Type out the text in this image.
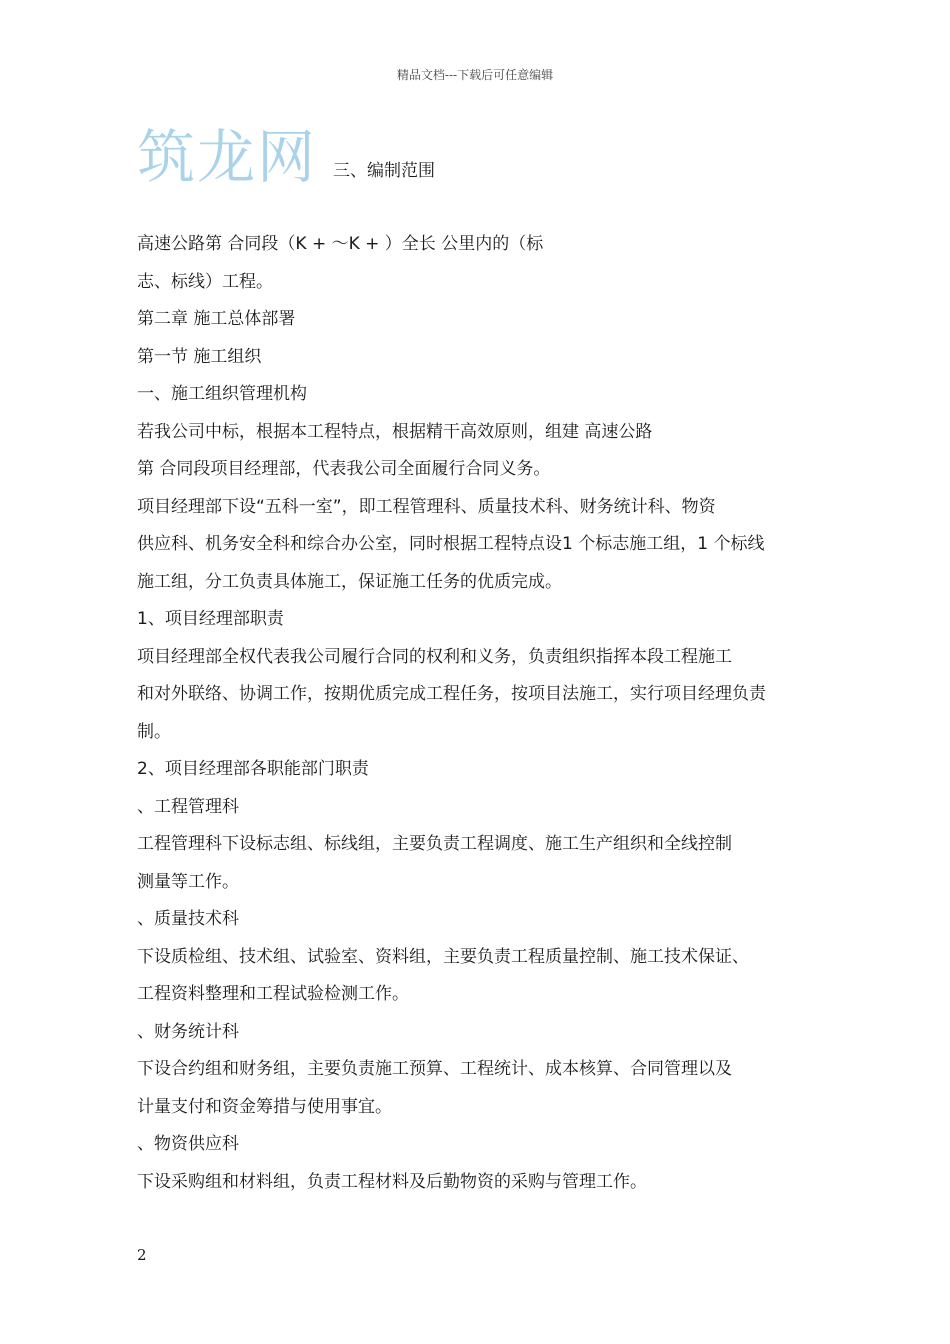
精品文档---下载后可任意编辑
筑龙网 三、编制范围
高速公路第 合同段（K + ～K + ）全长 公里内的（标
志、标线）工程。
第二章 施工总体部署
第一节 施工组织
一、施工组织管理机构
若我公司中标，根据本工程特点，根据精干高效原则，组建 高速公路
第 合同段项目经理部，代表我公司全面履行合同义务。
项目经理部下设“五科一室”，即工程管理科、质量技术科、财务统计科、物资
供应科、机务安全科和综合办公室，同时根据工程特点设1 个标志施工组，1 个标线
施工组，分工负责具体施工，保证施工任务的优质完成。
1、项目经理部职责
项目经理部全权代表我公司履行合同的权利和义务，负责组织指挥本段工程施工
和对外联络、协调工作，按期优质完成工程任务，按项目法施工，实行项目经理负责
制。
2、项目经理部各职能部门职责
、工程管理科
工程管理科下设标志组、标线组，主要负责工程调度、施工生产组织和全线控制
测量等工作。
、质量技术科
下设质检组、技术组、试验室、资料组，主要负责工程质量控制、施工技术保证、
工程资料整理和工程试验检测工作。
、财务统计科
下设合约组和财务组，主要负责施工预算、工程统计、成本核算、合同管理以及
计量支付和资金筹措与使用事宜。
、物资供应科
下设采购组和材料组，负责工程材料及后勤物资的采购与管理工作。
2
